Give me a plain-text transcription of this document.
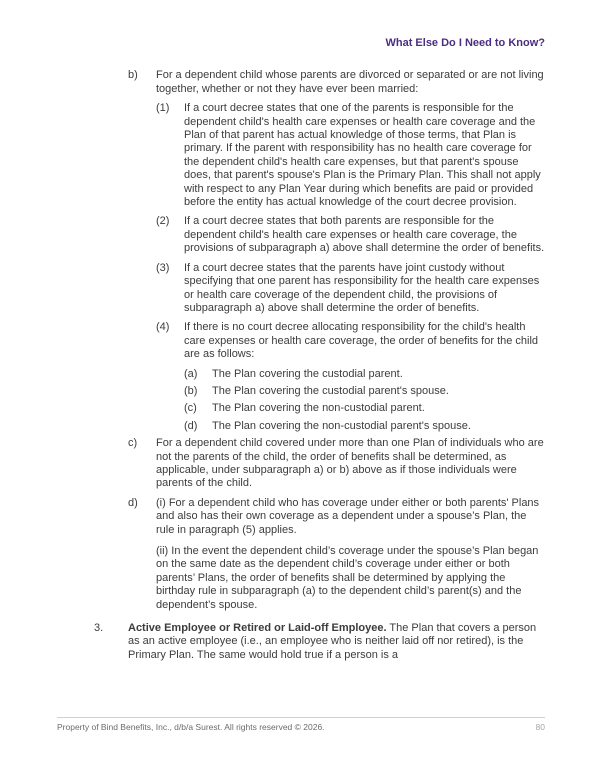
What Else Do I Need to Know?
b)	For a dependent child whose parents are divorced or separated or are not living together, whether or not they have ever been married:
(1)	If a court decree states that one of the parents is responsible for the dependent child's health care expenses or health care coverage and the Plan of that parent has actual knowledge of those terms, that Plan is primary. If the parent with responsibility has no health care coverage for the dependent child's health care expenses, but that parent's spouse does, that parent's spouse's Plan is the Primary Plan. This shall not apply with respect to any Plan Year during which benefits are paid or provided before the entity has actual knowledge of the court decree provision.
(2)	If a court decree states that both parents are responsible for the dependent child's health care expenses or health care coverage, the provisions of subparagraph a) above shall determine the order of benefits.
(3)	If a court decree states that the parents have joint custody without specifying that one parent has responsibility for the health care expenses or health care coverage of the dependent child, the provisions of subparagraph a) above shall determine the order of benefits.
(4)	If there is no court decree allocating responsibility for the child's health care expenses or health care coverage, the order of benefits for the child are as follows:
(a)	The Plan covering the custodial parent.
(b)	The Plan covering the custodial parent's spouse.
(c)	The Plan covering the non-custodial parent.
(d)	The Plan covering the non-custodial parent's spouse.
c)	For a dependent child covered under more than one Plan of individuals who are not the parents of the child, the order of benefits shall be determined, as applicable, under subparagraph a) or b) above as if those individuals were parents of the child.
d)	(i) For a dependent child who has coverage under either or both parents' Plans and also has their own coverage as a dependent under a spouse’s Plan, the rule in paragraph (5) applies.

(ii) In the event the dependent child’s coverage under the spouse’s Plan began on the same date as the dependent child’s coverage under either or both parents’ Plans, the order of benefits shall be determined by applying the birthday rule in subparagraph (a) to the dependent child’s parent(s) and the dependent’s spouse.

3.	Active Employee or Retired or Laid-off Employee. The Plan that covers a person as an active employee (i.e., an employee who is neither laid off nor retired), is the Primary Plan. The same would hold true if a person is a
Property of Bind Benefits, Inc., d/b/a Surest. All rights reserved © 2026.	80
